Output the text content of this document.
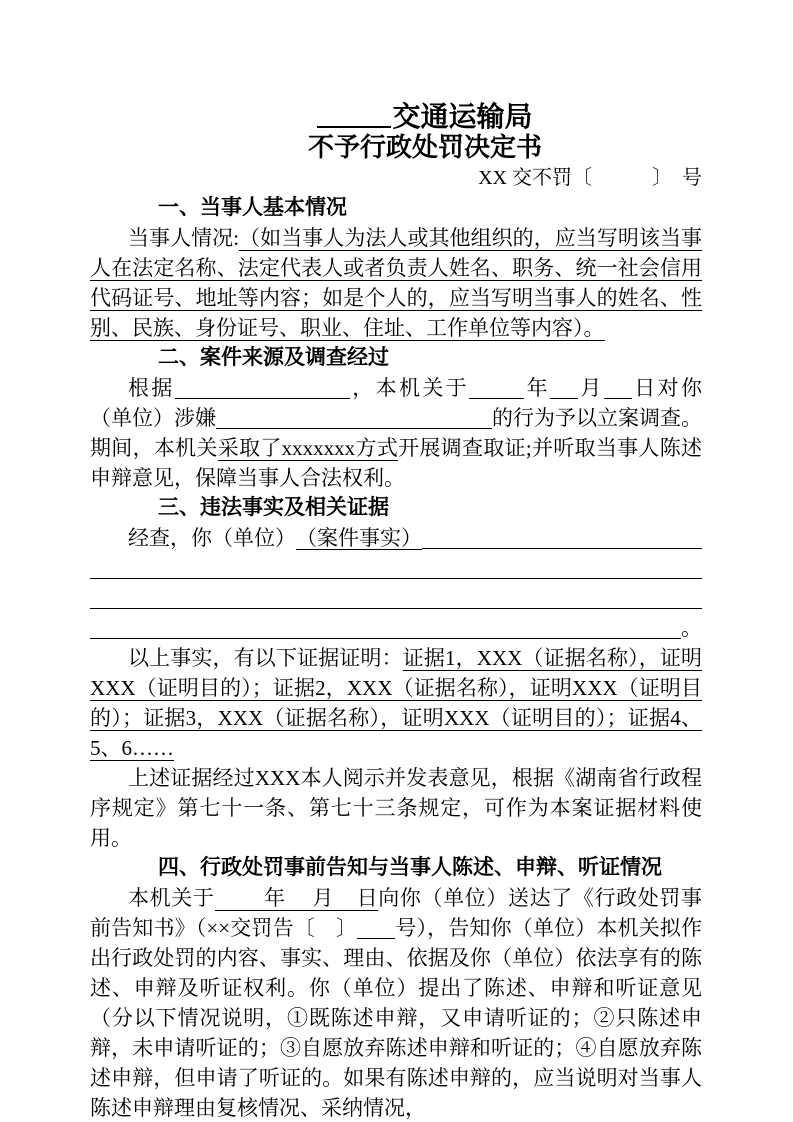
交通运输局
不予行政处罚决定书
XX 交不罚〔　　　〕　号
一、当事人基本情况

当事人情况:（如当事人为法人或其他组织的，应当写明该当事人在法定名称、法定代表人或者负责人姓名、职务、统一社会信用代码证号、地址等内容；如是个人的，应当写明当事人的姓名、性别、民族、身份证号、职业、住址、工作单位等内容）。

二、案件来源及调查经过

根据	，本机关于	年 月 日对你（单位）涉嫌	的行为予以立案调查。期间，本机关采取了xxxxxxx方式开展调查取证;并听取当事人陈述申辩意见，保障当事人合法权利。

三、违法事实及相关证据
经查，你（单位） （案件事实）
。

以上事实，有以下证据证明：证据1，XXX（证据名称），证明XXX（证明目的）；证据2，XXX（证据名称），证明XXX（证明目的）；证据3，XXX（证据名称），证明XXX（证明目的）；证据4、5、6……

上述证据经过XXX本人阅示并发表意见，根据《湖南省行政程序规定》第七十一条、第七十三条规定，可作为本案证据材料使用。

四、行政处罚事前告知与当事人陈述、申辩、听证情况

本机关于 年 月 日向你（单位）送达了《行政处罚事前告知书》（××交罚告〔　〕 号），告知你（单位）本机关拟作出行政处罚的内容、事实、理由、依据及你（单位）依法享有的陈述、申辩及听证权利。你（单位）提出了陈述、申辩和听证意见（分以下情况说明，①既陈述申辩，又申请听证的；②只陈述申辩，未申请听证的；③自愿放弃陈述申辩和听证的；④自愿放弃陈述申辩，但申请了听证的。如果有陈述申辩的，应当说明对当事人陈述申辩理由复核情况、采纳情况，
